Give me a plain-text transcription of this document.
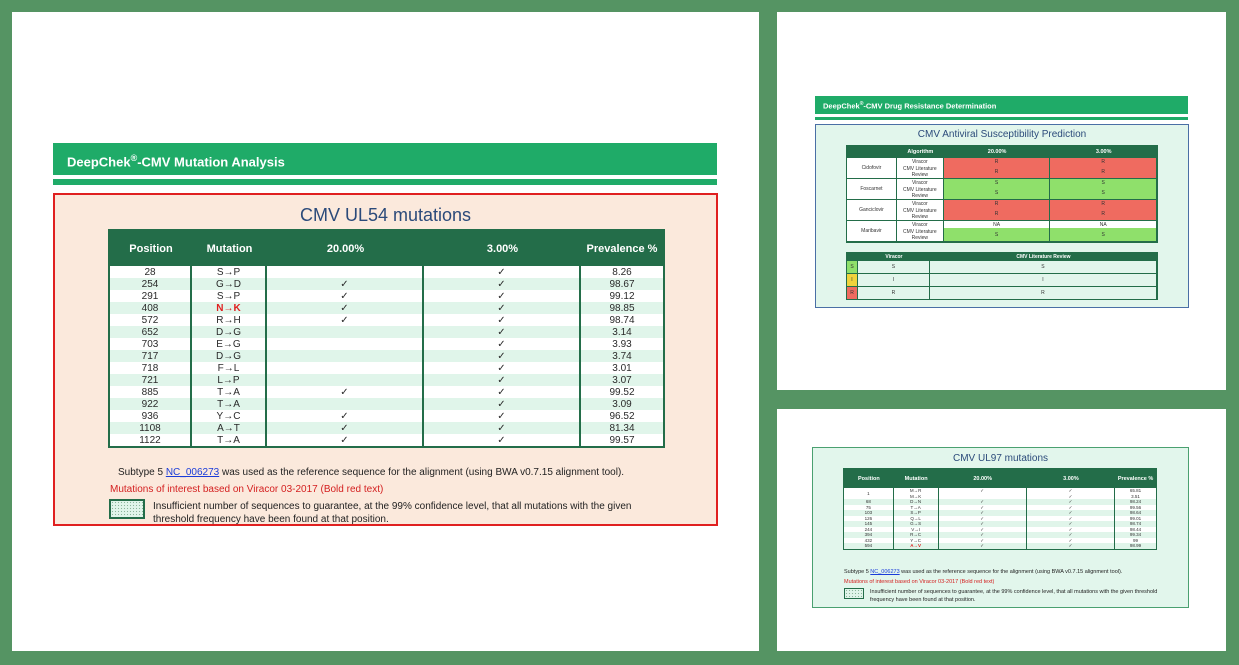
DeepChek®-CMV Mutation Analysis
CMV UL54 mutations
Position	Mutation	20.00%	3.00%	Prevalence %
28	S→P		✓	8.26
254	G→D	✓	✓	98.67
291	S→P	✓	✓	99.12
408	N→K	✓	✓	98.85
572	R→H	✓	✓	98.74
652	D→G		✓	3.14
703	E→G		✓	3.93
717	D→G		✓	3.74
718	F→L		✓	3.01
721	L→P		✓	3.07
885	T→A	✓	✓	99.52
922	T→A		✓	3.09
936	Y→C	✓	✓	96.52
1108	A→T	✓	✓	81.34
1122	T→A	✓	✓	99.57
Subtype 5 NC_006273 was used as the reference sequence for the alignment (using BWA v0.7.15 alignment tool).
Mutations of interest based on Viracor 03-2017 (Bold red text)
Insufficient number of sequences to guarantee, at the 99% confidence level, that all mutations with the given threshold frequency have been found at that position.
DeepChek®-CMV Drug Resistance Determination
CMV Antiviral Susceptibility Prediction
	Algorithm	20.00%	3.00%
Cidofovir	Viracor	R	R
	CMV Literature Review	R	R
Foscarnet	Viracor	S	S
	CMV Literature Review	S	S
Ganciclovir	Viracor	R	R
	CMV Literature Review	R	R
Maribavir	Viracor	NA	NA
	CMV Literature Review	S	S
	Viracor	CMV Literature Review
S	S	S
I	I	I
R	R	R
CMV UL97 mutations
Position	Mutation	20.00%	3.00%	Prevalence %
1	M→R	✓	✓	65.81
	M→K		✓	3.51
68	D→N	✓	✓	98.24
75	T→A	✓	✓	99.56
103	S→P	✓	✓	98.64
126	Q→L	✓	✓	99.01
145	G→S	✓	✓	98.74
244	V→I	✓	✓	98.44
394	R→C	✓	✓	99.34
432	Y→C	✓	✓	99
594	A→V	✓	✓	98.99
Subtype 5 NC_006273 was used as the reference sequence for the alignment (using BWA v0.7.15 alignment tool).
Mutations of interest based on Viracor 03-2017 (Bold red text)
Insufficient number of sequences to guarantee, at the 99% confidence level, that all mutations with the given threshold frequency have been found at that position.
